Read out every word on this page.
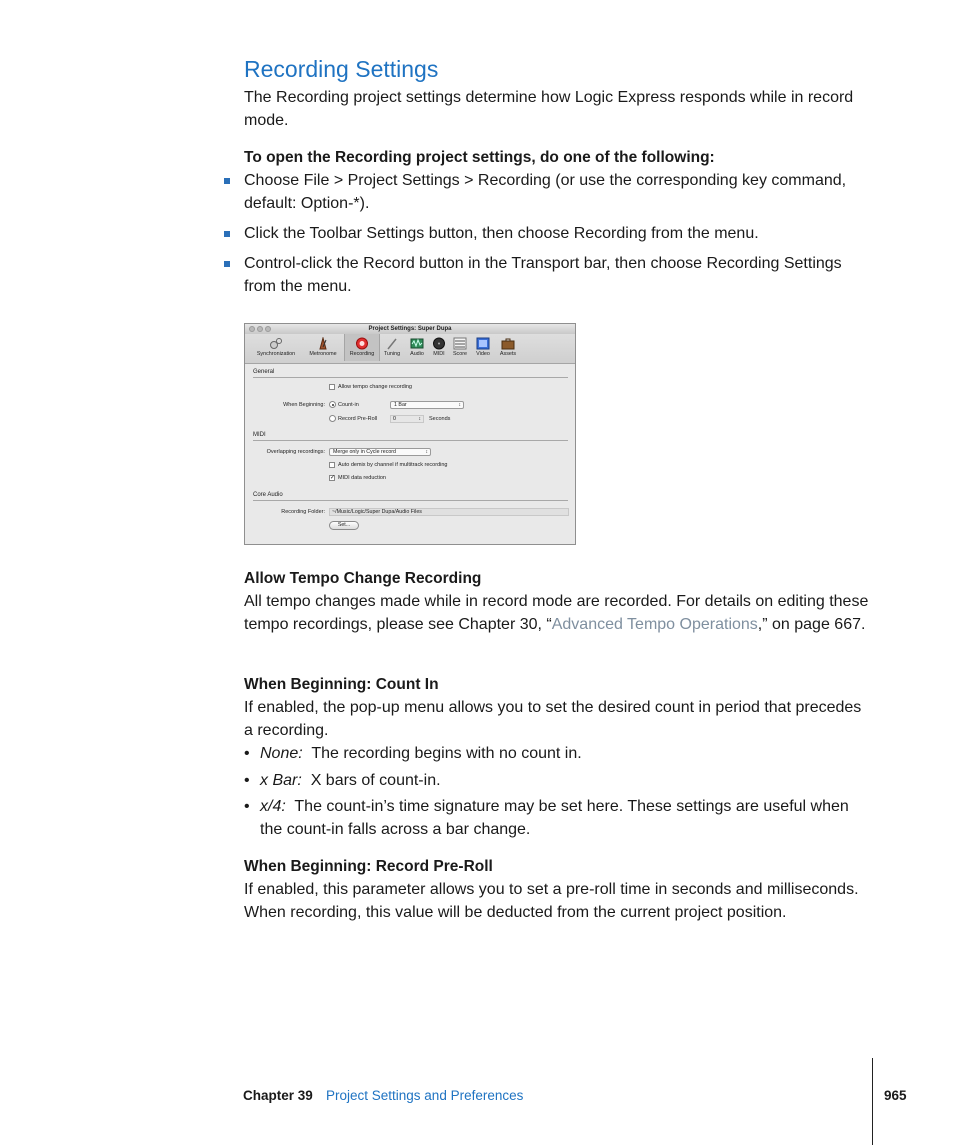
Recording Settings

The Recording project settings determine how Logic Express responds while in record mode.

To open the Recording project settings, do one of the following:

Choose File > Project Settings > Recording (or use the corresponding key command, default: Option-*).

Click the Toolbar Settings button, then choose Recording from the menu.

Control-click the Record button in the Transport bar, then choose Recording Settings from the menu.

Project Settings: Super Dupa
Synchronization	Metronome	Recording	Tuning	Audio	MIDI	Score	Video	Assets
General
Allow tempo change recording
When Beginning: Count-in	1 Bar	↕
Record Pre-Roll	0	↕ Seconds
MIDI
Overlapping recordings:	Merge only in Cycle record	↕
Auto demix by channel if multitrack recording
✓ MIDI data reduction
Core Audio
Recording Folder:	~/Music/Logic/Super Dupa/Audio Files
Set...

Allow Tempo Change Recording

All tempo changes made while in record mode are recorded. For details on editing these tempo recordings, please see Chapter 30, “Advanced Tempo Operations,” on page 667.

When Beginning: Count In

If enabled, the pop-up menu allows you to set the desired count in period that precedes a recording.

• None: The recording begins with no count in.

• x Bar: X bars of count-in.

• x/4: The count-in’s time signature may be set here. These settings are useful when the count-in falls across a bar change.

When Beginning: Record Pre-Roll

If enabled, this parameter allows you to set a pre-roll time in seconds and milliseconds. When recording, this value will be deducted from the current project position.

Chapter 39 Project Settings and Preferences	965
